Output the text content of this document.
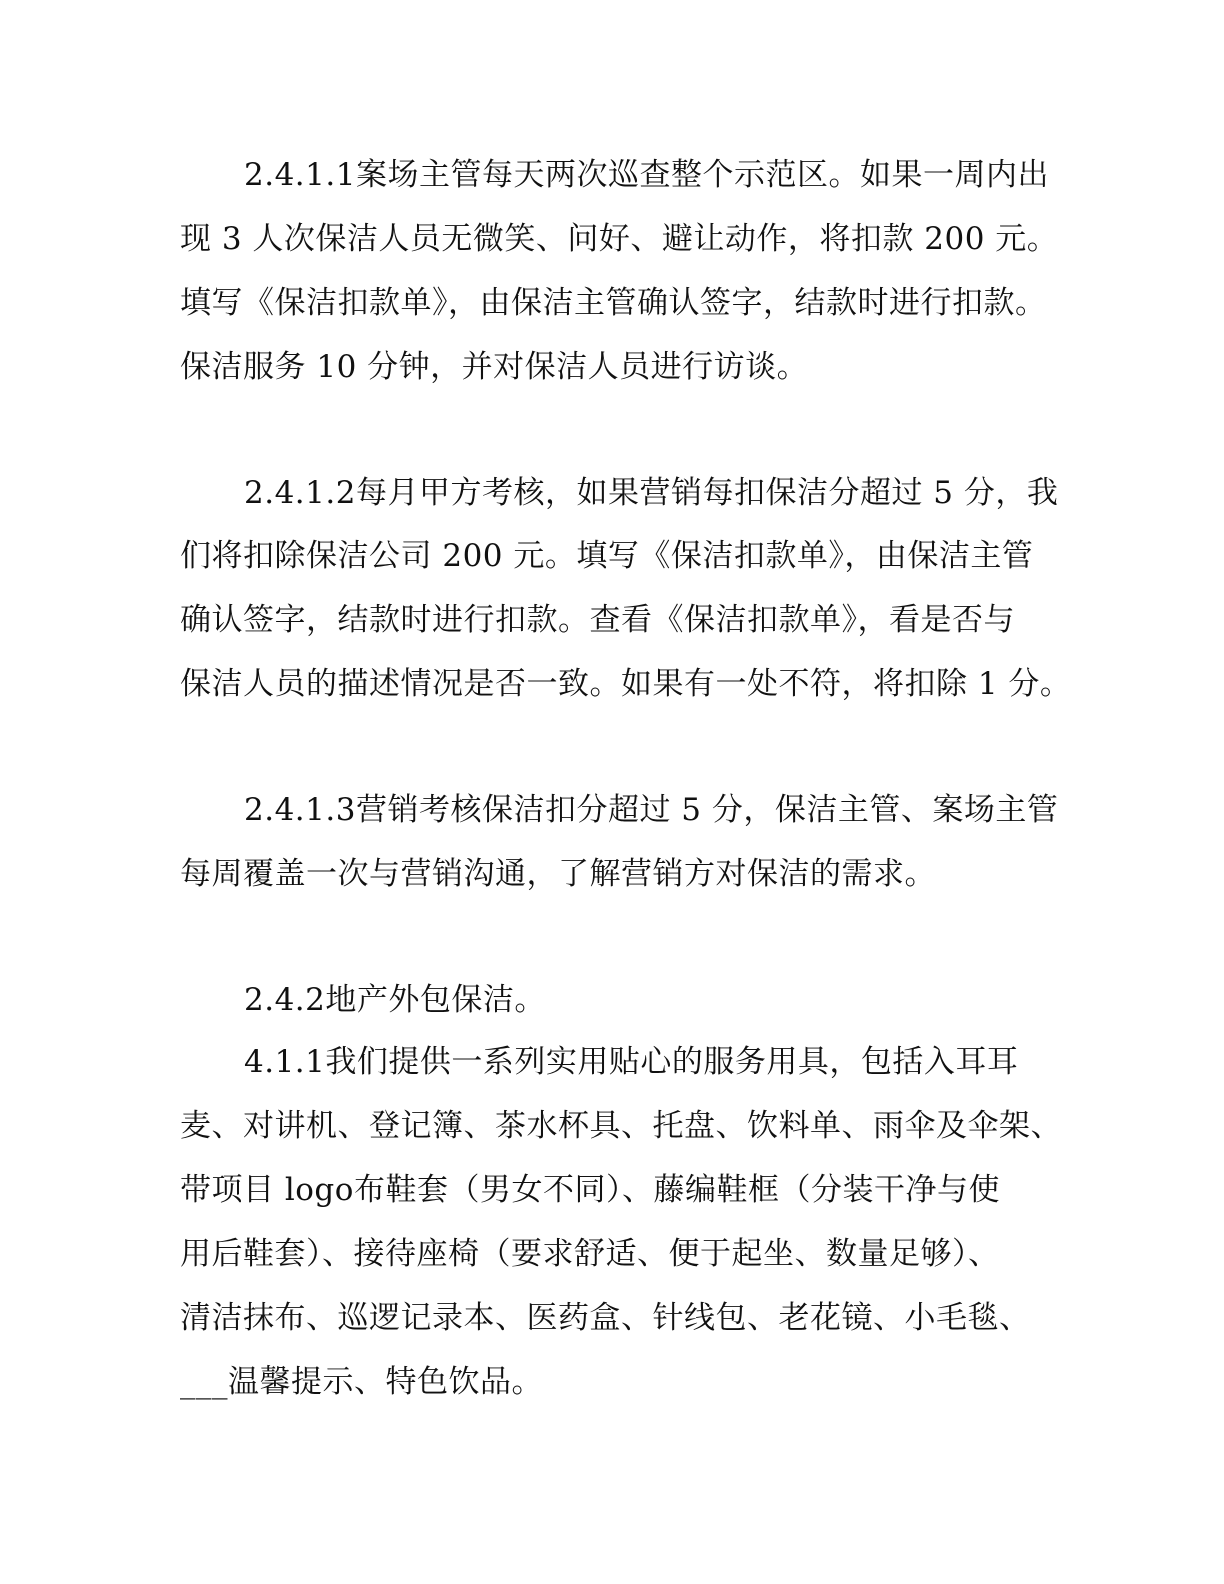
2.4.1.1案场主管每天两次巡查整个示范区。如果一周内出
现 3 人次保洁人员无微笑、问好、避让动作，将扣款 200 元。
填写《保洁扣款单》，由保洁主管确认签字，结款时进行扣款。
保洁服务 10 分钟，并对保洁人员进行访谈。
2.4.1.2每月甲方考核，如果营销每扣保洁分超过 5 分，我
们将扣除保洁公司 200 元。填写《保洁扣款单》，由保洁主管
确认签字，结款时进行扣款。查看《保洁扣款单》，看是否与
保洁人员的描述情况是否一致。如果有一处不符，将扣除 1 分。
2.4.1.3营销考核保洁扣分超过 5 分，保洁主管、案场主管
每周覆盖一次与营销沟通，了解营销方对保洁的需求。
2.4.2地产外包保洁。
4.1.1我们提供一系列实用贴心的服务用具，包括入耳耳
麦、对讲机、登记簿、茶水杯具、托盘、饮料单、雨伞及伞架、
带项目 logo布鞋套（男女不同）、藤编鞋框（分装干净与使
用后鞋套）、接待座椅（要求舒适、便于起坐、数量足够）、
清洁抹布、巡逻记录本、医药盒、针线包、老花镜、小毛毯、
___温馨提示、特色饮品。
